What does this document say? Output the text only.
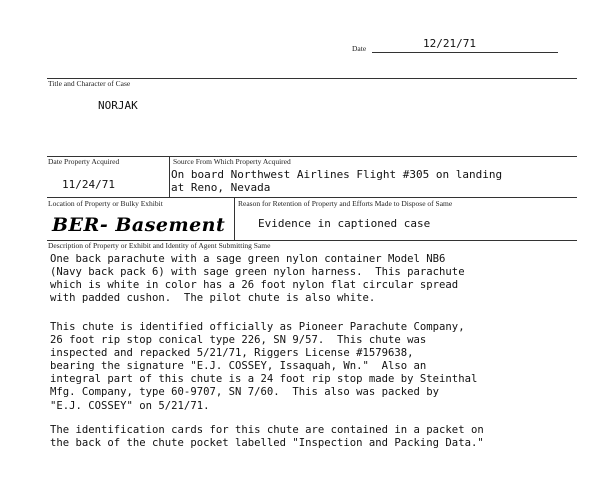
Date	12/21/71
Title and Character of Case
NORJAK
Date Property Acquired
11/24/71
Source From Which Property Acquired
On board Northwest Airlines Flight #305 on landing
at Reno, Nevada
Location of Property or Bulky Exhibit
BER- Basement
Reason for Retention of Property and Efforts Made to Dispose of Same
Evidence in captioned case
Description of Property or Exhibit and Identity of Agent Submitting Same
One back parachute with a sage green nylon container Model NB6
(Navy back pack 6) with sage green nylon harness.  This parachute
which is white in color has a 26 foot nylon flat circular spread
with padded cushon.  The pilot chute is also white.
This chute is identified officially as Pioneer Parachute Company,
26 foot rip stop conical type 226, SN 9/57.  This chute was
inspected and repacked 5/21/71, Riggers License #1579638,
bearing the signature "E.J. COSSEY, Issaquah, Wn."  Also an
integral part of this chute is a 24 foot rip stop made by Steinthal
Mfg. Company, type 60-9707, SN 7/60.  This also was packed by
"E.J. COSSEY" on 5/21/71.
The identification cards for this chute are contained in a packet on
the back of the chute pocket labelled "Inspection and Packing Data."
